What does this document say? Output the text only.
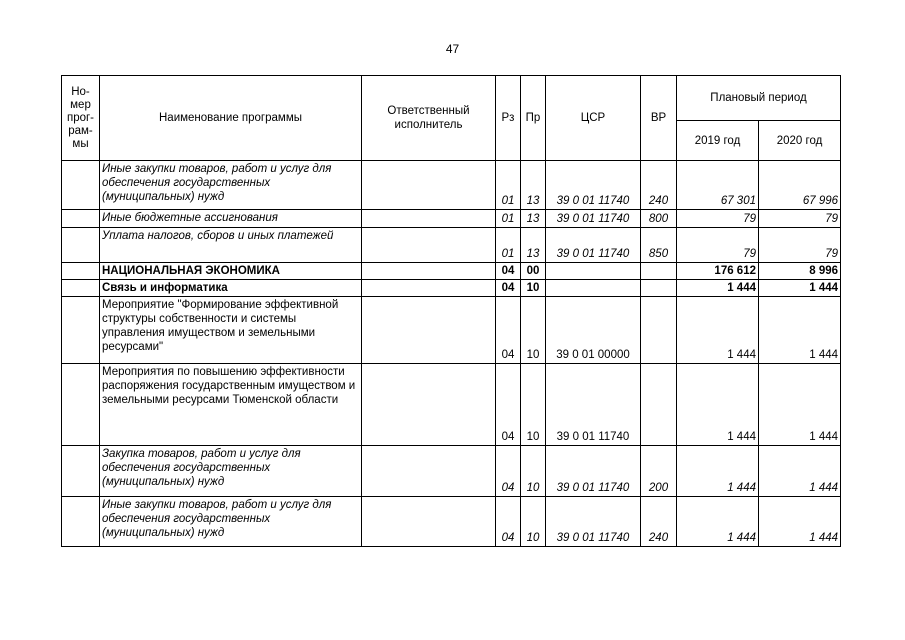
47
Но-
мер
прог-
рам-
мы	Наименование программы	Ответственный исполнитель	Рз	Пр	ЦСР	ВР	Плановый период	
							2019 год	2020 год
	Иные закупки товаров, работ и услуг для обеспечения государственных (муниципальных) нужд		01	13	39 0 01 11740	240	67 301	67 996
	Иные бюджетные ассигнования		01	13	39 0 01 11740	800	79	79
	Уплата налогов, сборов и иных платежей		01	13	39 0 01 11740	850	79	79
	НАЦИОНАЛЬНАЯ ЭКОНОМИКА		04	00			176 612	8 996
	Связь и информатика		04	10			1 444	1 444
	Мероприятие "Формирование эффективной структуры собственности и системы управления имуществом и земельными ресурсами"		04	10	39 0 01 00000		1 444	1 444
	Мероприятия по повышению эффективности распоряжения государственным имуществом и земельными ресурсами Тюменской области		04	10	39 0 01 11740		1 444	1 444
	Закупка товаров, работ и услуг для обеспечения государственных (муниципальных) нужд		04	10	39 0 01 11740	200	1 444	1 444
	Иные закупки товаров, работ и услуг для обеспечения государственных (муниципальных) нужд		04	10	39 0 01 11740	240	1 444	1 444
